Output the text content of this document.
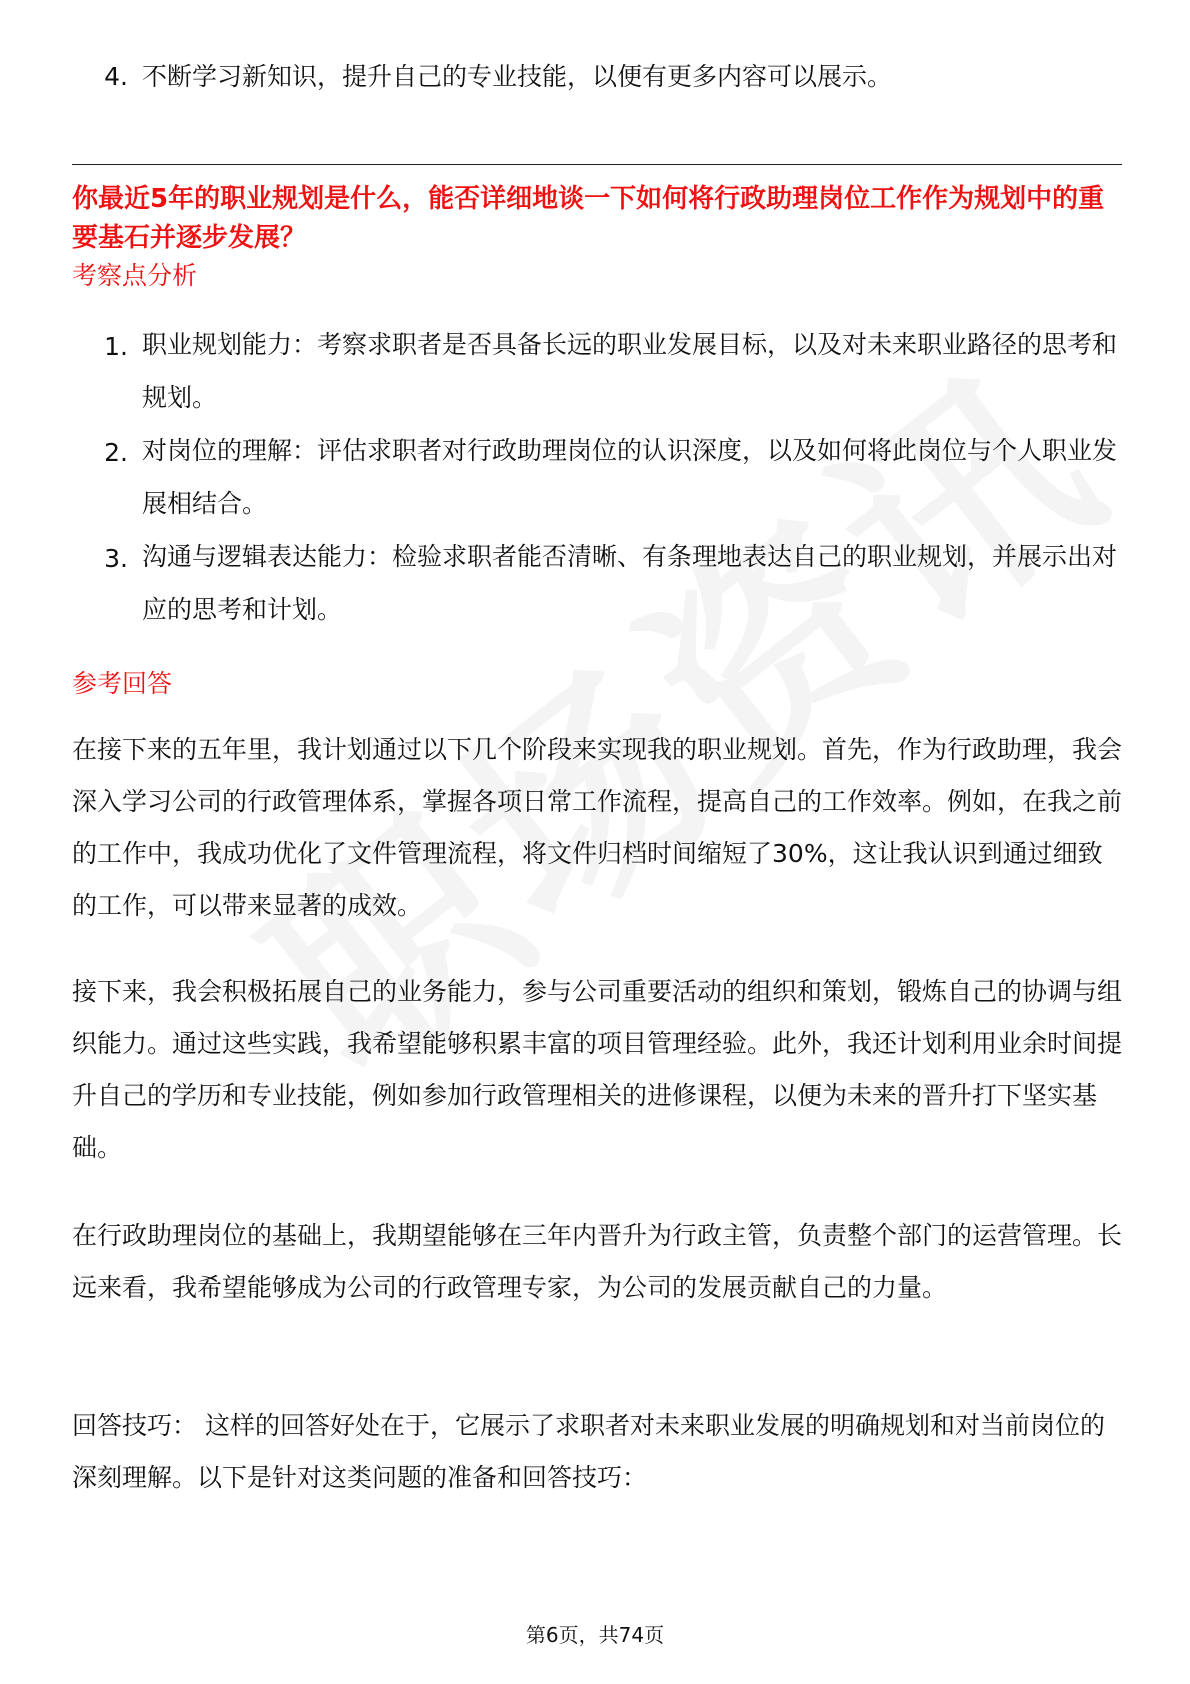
4. 不断学习新知识，提升自己的专业技能，以便有更多内容可以展示。
你最近5年的职业规划是什么，能否详细地谈一下如何将行政助理岗位工作作为规划中的重要基石并逐步发展？
考察点分析
1. 职业规划能力：考察求职者是否具备长远的职业发展目标，以及对未来职业路径的思考和规划。
2. 对岗位的理解：评估求职者对行政助理岗位的认识深度，以及如何将此岗位与个人职业发展相结合。
3. 沟通与逻辑表达能力：检验求职者能否清晰、有条理地表达自己的职业规划，并展示出对应的思考和计划。
参考回答
在接下来的五年里，我计划通过以下几个阶段来实现我的职业规划。首先，作为行政助理，我会深入学习公司的行政管理体系，掌握各项日常工作流程，提高自己的工作效率。例如，在我之前的工作中，我成功优化了文件管理流程，将文件归档时间缩短了30%，这让我认识到通过细致的工作，可以带来显著的成效。
接下来，我会积极拓展自己的业务能力，参与公司重要活动的组织和策划，锻炼自己的协调与组织能力。通过这些实践，我希望能够积累丰富的项目管理经验。此外，我还计划利用业余时间提升自己的学历和专业技能，例如参加行政管理相关的进修课程，以便为未来的晋升打下坚实基础。
在行政助理岗位的基础上，我期望能够在三年内晋升为行政主管，负责整个部门的运营管理。长远来看，我希望能够成为公司的行政管理专家，为公司的发展贡献自己的力量。
回答技巧： 这样的回答好处在于，它展示了求职者对未来职业发展的明确规划和对当前岗位的深刻理解。以下是针对这类问题的准备和回答技巧：
第6页，共74页
